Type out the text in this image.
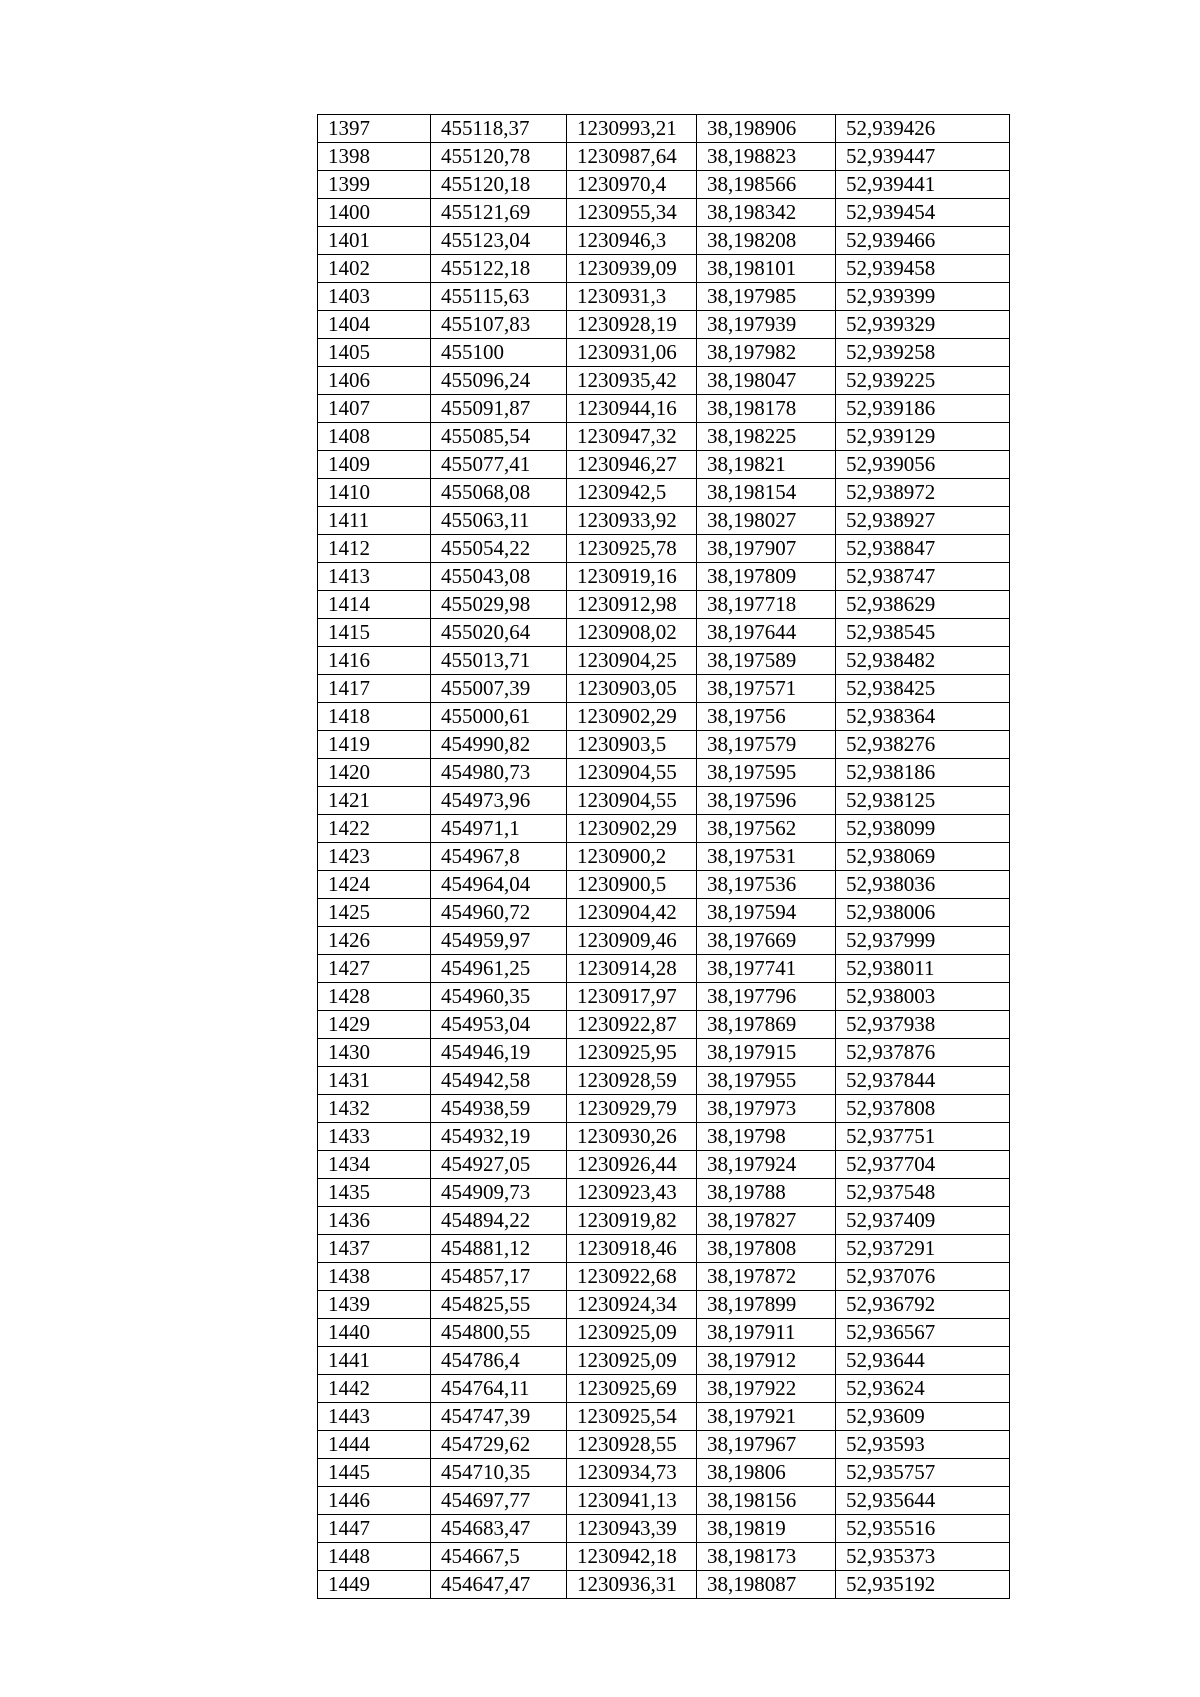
1397	455118,37	1230993,21	38,198906	52,939426
1398	455120,78	1230987,64	38,198823	52,939447
1399	455120,18	1230970,4	38,198566	52,939441
1400	455121,69	1230955,34	38,198342	52,939454
1401	455123,04	1230946,3	38,198208	52,939466
1402	455122,18	1230939,09	38,198101	52,939458
1403	455115,63	1230931,3	38,197985	52,939399
1404	455107,83	1230928,19	38,197939	52,939329
1405	455100	1230931,06	38,197982	52,939258
1406	455096,24	1230935,42	38,198047	52,939225
1407	455091,87	1230944,16	38,198178	52,939186
1408	455085,54	1230947,32	38,198225	52,939129
1409	455077,41	1230946,27	38,19821	52,939056
1410	455068,08	1230942,5	38,198154	52,938972
1411	455063,11	1230933,92	38,198027	52,938927
1412	455054,22	1230925,78	38,197907	52,938847
1413	455043,08	1230919,16	38,197809	52,938747
1414	455029,98	1230912,98	38,197718	52,938629
1415	455020,64	1230908,02	38,197644	52,938545
1416	455013,71	1230904,25	38,197589	52,938482
1417	455007,39	1230903,05	38,197571	52,938425
1418	455000,61	1230902,29	38,19756	52,938364
1419	454990,82	1230903,5	38,197579	52,938276
1420	454980,73	1230904,55	38,197595	52,938186
1421	454973,96	1230904,55	38,197596	52,938125
1422	454971,1	1230902,29	38,197562	52,938099
1423	454967,8	1230900,2	38,197531	52,938069
1424	454964,04	1230900,5	38,197536	52,938036
1425	454960,72	1230904,42	38,197594	52,938006
1426	454959,97	1230909,46	38,197669	52,937999
1427	454961,25	1230914,28	38,197741	52,938011
1428	454960,35	1230917,97	38,197796	52,938003
1429	454953,04	1230922,87	38,197869	52,937938
1430	454946,19	1230925,95	38,197915	52,937876
1431	454942,58	1230928,59	38,197955	52,937844
1432	454938,59	1230929,79	38,197973	52,937808
1433	454932,19	1230930,26	38,19798	52,937751
1434	454927,05	1230926,44	38,197924	52,937704
1435	454909,73	1230923,43	38,19788	52,937548
1436	454894,22	1230919,82	38,197827	52,937409
1437	454881,12	1230918,46	38,197808	52,937291
1438	454857,17	1230922,68	38,197872	52,937076
1439	454825,55	1230924,34	38,197899	52,936792
1440	454800,55	1230925,09	38,197911	52,936567
1441	454786,4	1230925,09	38,197912	52,93644
1442	454764,11	1230925,69	38,197922	52,93624
1443	454747,39	1230925,54	38,197921	52,93609
1444	454729,62	1230928,55	38,197967	52,93593
1445	454710,35	1230934,73	38,19806	52,935757
1446	454697,77	1230941,13	38,198156	52,935644
1447	454683,47	1230943,39	38,19819	52,935516
1448	454667,5	1230942,18	38,198173	52,935373
1449	454647,47	1230936,31	38,198087	52,935192
